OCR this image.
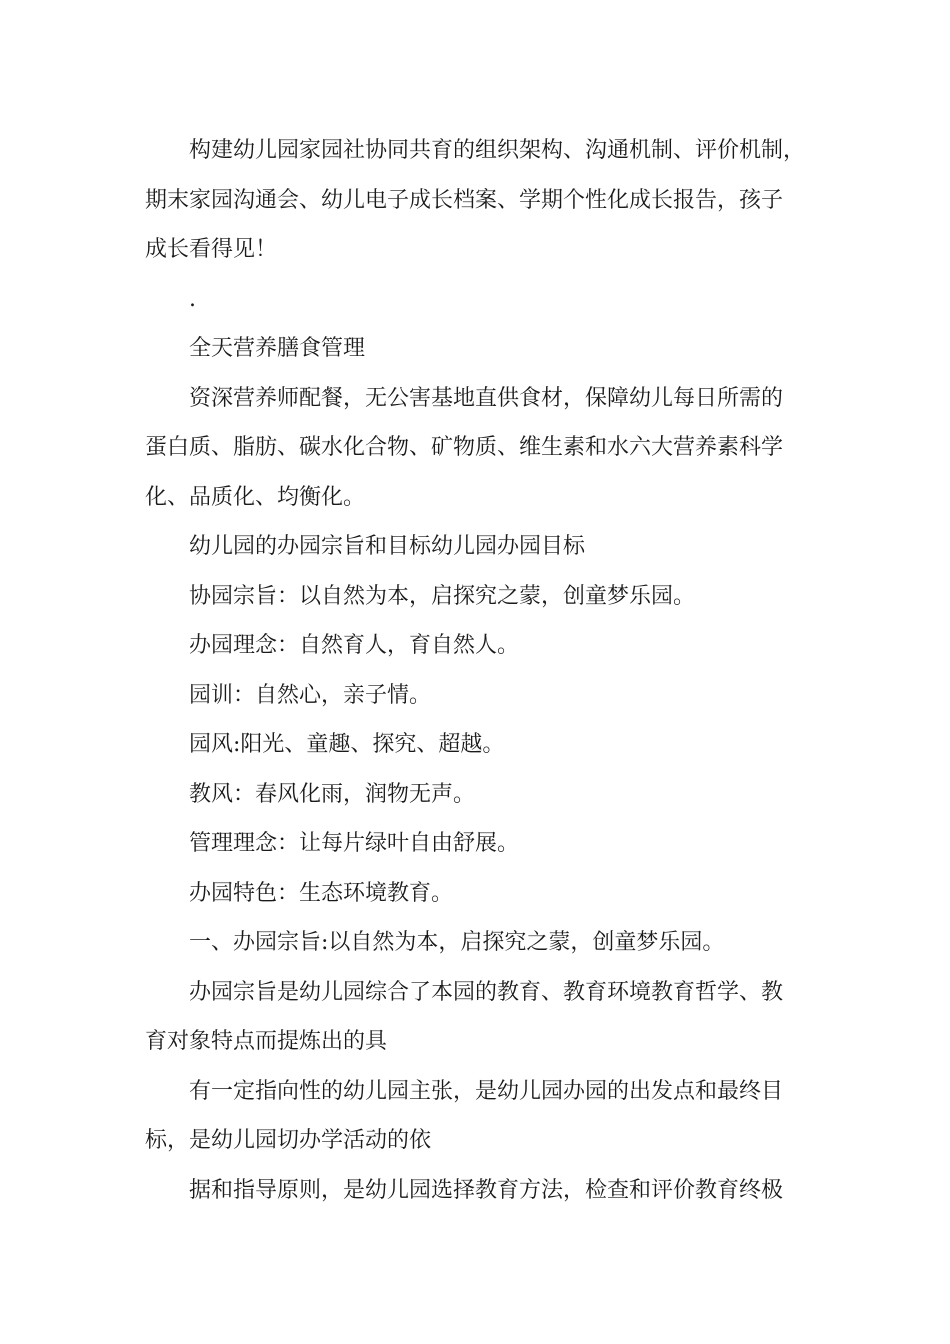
构建幼儿园家园社协同共育的组织架构、沟通机制、评价机制，
期末家园沟通会、幼儿电子成长档案、学期个性化成长报告，孩子
成长看得见！

.

全天营养膳食管理

资深营养师配餐，无公害基地直供食材，保障幼儿每日所需的
蛋白质、脂肪、碳水化合物、矿物质、维生素和水六大营养素科学
化、品质化、均衡化。

幼儿园的办园宗旨和目标幼儿园办园目标

协园宗旨：以自然为本，启探究之蒙，创童梦乐园。

办园理念：自然育人，育自然人。

园训：自然心，亲子情。

园风:阳光、童趣、探究、超越。

教风：春风化雨，润物无声。

管理理念：让每片绿叶自由舒展。

办园特色：生态环境教育。

一、办园宗旨:以自然为本，启探究之蒙，创童梦乐园。

办园宗旨是幼儿园综合了本园的教育、教育环境教育哲学、教
育对象特点而提炼出的具

有一定指向性的幼儿园主张，是幼儿园办园的出发点和最终目
标，是幼儿园切办学活动的依

据和指导原则，是幼儿园选择教育方法，检查和评价教育终极
